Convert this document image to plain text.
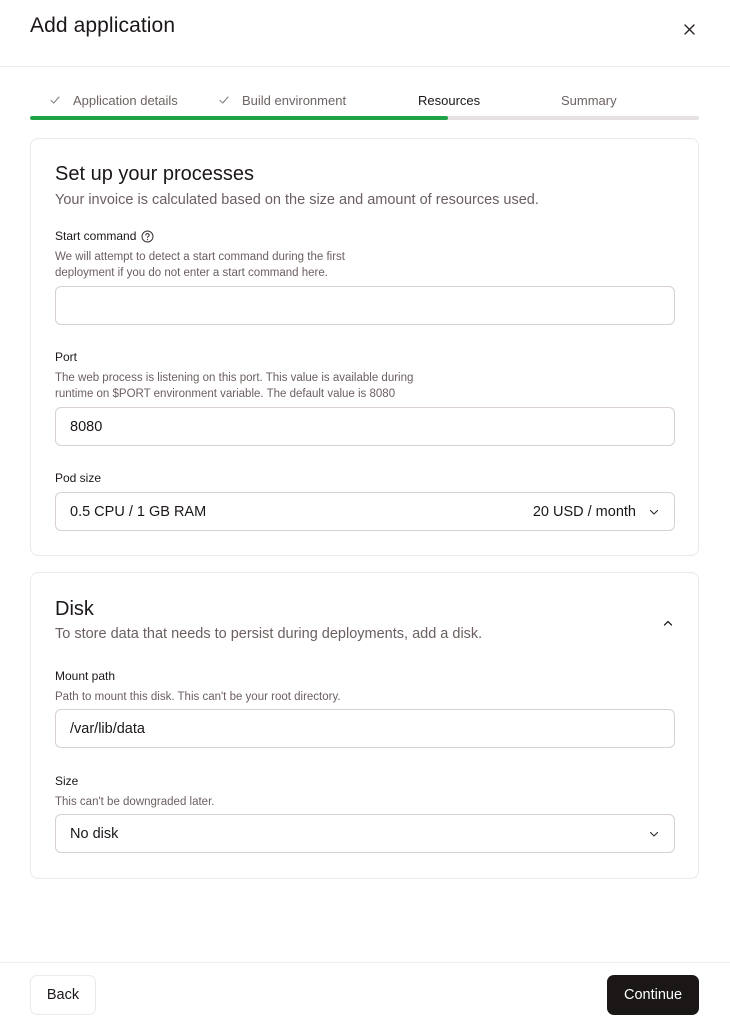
Add application
Application details	Build environment	Resources	Summary
Set up your processes
Your invoice is calculated based on the size and amount of resources used.
Start command
We will attempt to detect a start command during the first
deployment if you do not enter a start command here.
Port
The web process is listening on this port. This value is available during
runtime on $PORT environment variable. The default value is 8080
8080
Pod size
0.5 CPU / 1 GB RAM	20 USD / month
Disk
To store data that needs to persist during deployments, add a disk.
Mount path
Path to mount this disk. This can't be your root directory.
/var/lib/data
Size
This can't be downgraded later.
No disk
Back	Continue
